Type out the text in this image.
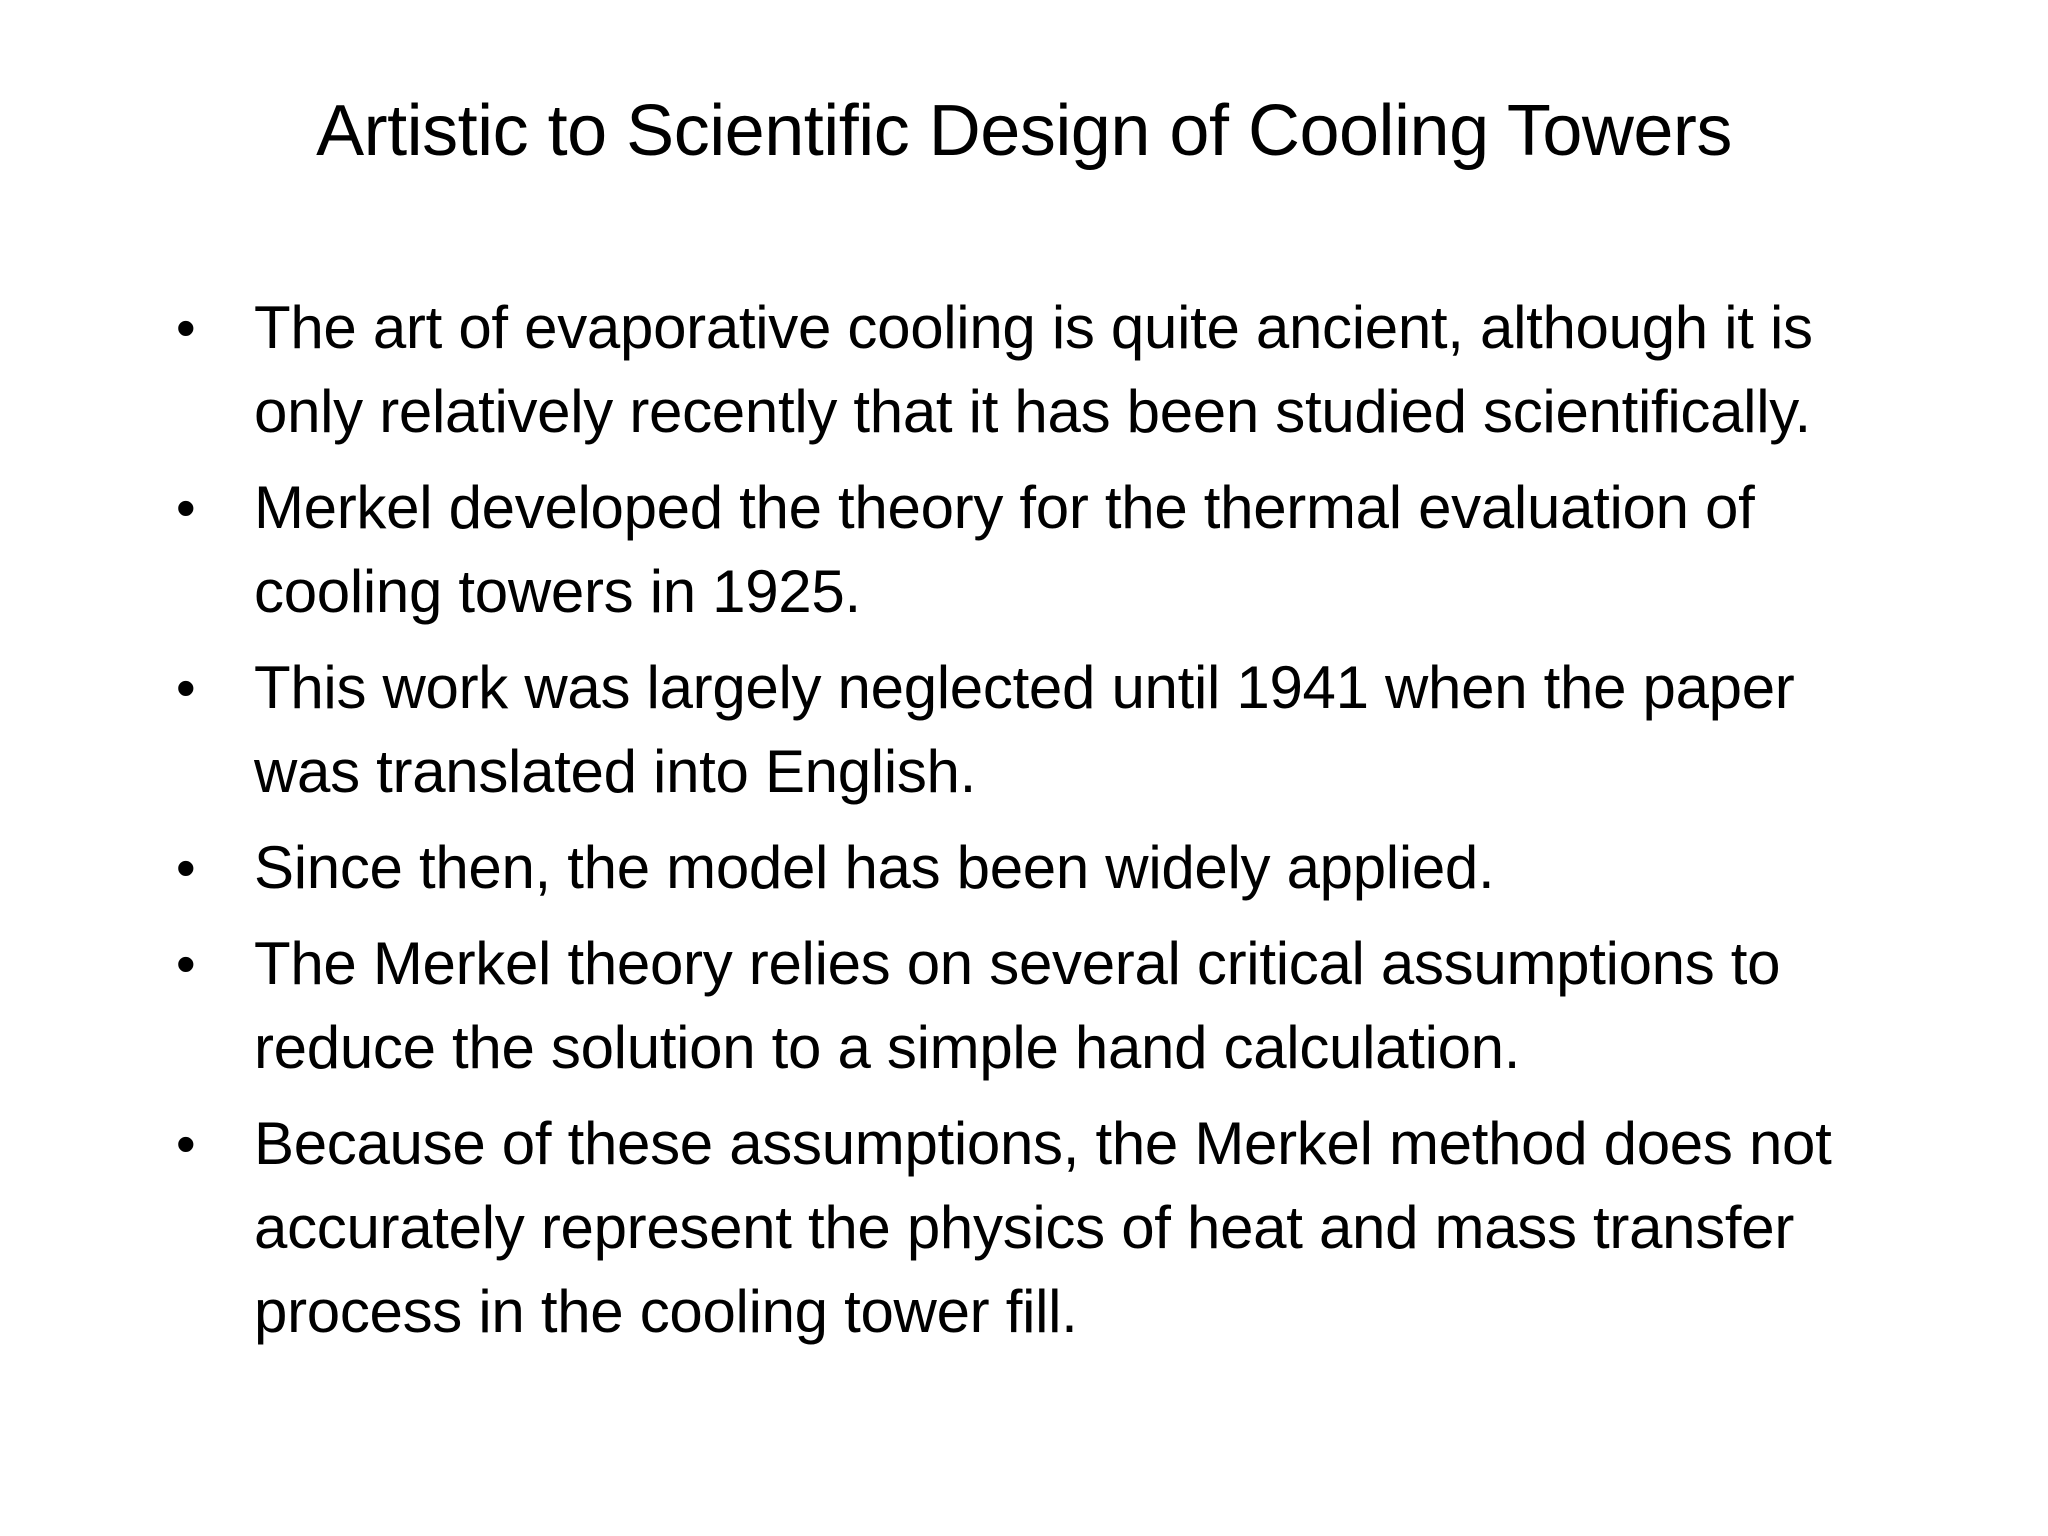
Artistic to Scientific Design of Cooling Towers
• The art of evaporative cooling is quite ancient, although it is only relatively recently that it has been studied scientifically.
• Merkel developed the theory for the thermal evaluation of cooling towers in 1925.
• This work was largely neglected until 1941 when the paper was translated into English.
• Since then, the model has been widely applied.
• The Merkel theory relies on several critical assumptions to reduce the solution to a simple hand calculation.
• Because of these assumptions, the Merkel method does not accurately represent the physics of heat and mass transfer process in the cooling tower fill.
